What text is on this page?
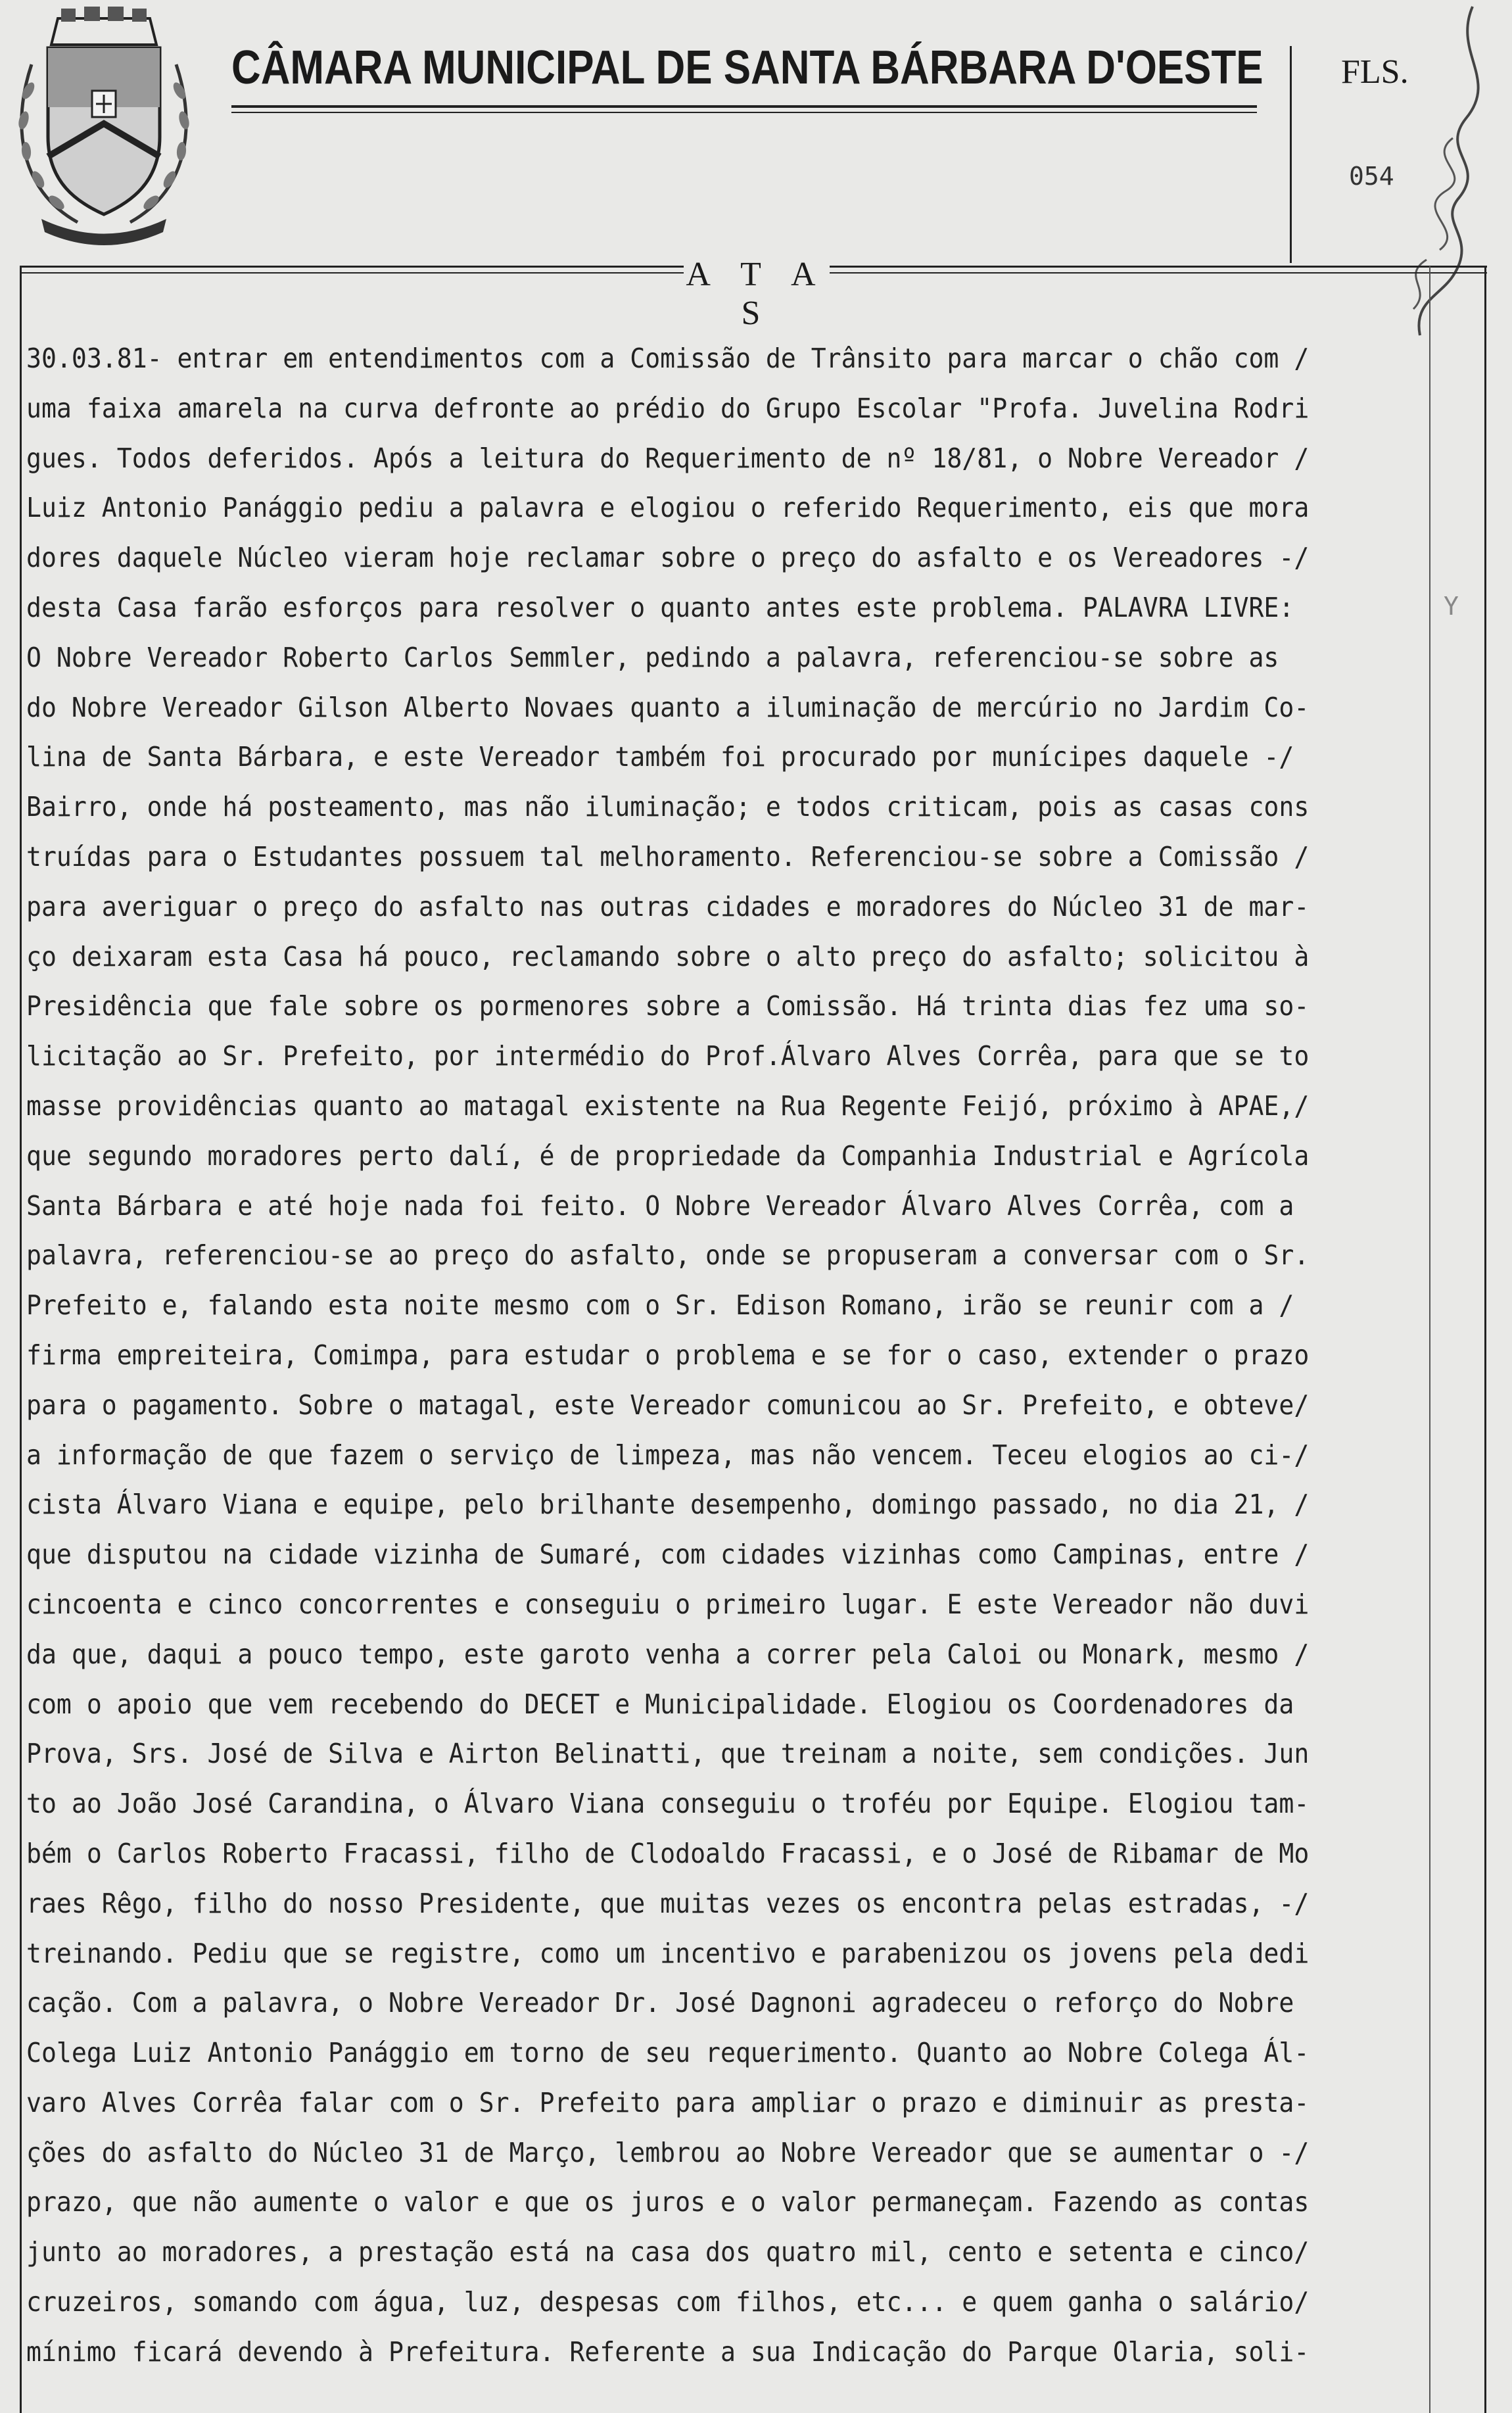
CÂMARA MUNICIPAL DE SANTA BÁRBARA D'OESTE FLS.
054
A T A S
Y
30.03.81- entrar em entendimentos com a Comissão de Trânsito para marcar o chão com /
uma faixa amarela na curva defronte ao prédio do Grupo Escolar "Profa. Juvelina Rodri
gues. Todos deferidos. Após a leitura do Requerimento de nº 18/81, o Nobre Vereador /
Luiz Antonio Panággio pediu a palavra e elogiou o referido Requerimento, eis que mora
dores daquele Núcleo vieram hoje reclamar sobre o preço do asfalto e os Vereadores -/
desta Casa farão esforços para resolver o quanto antes este problema. PALAVRA LIVRE:
O Nobre Vereador Roberto Carlos Semmler, pedindo a palavra, referenciou-se sobre as
do Nobre Vereador Gilson Alberto Novaes quanto a iluminação de mercúrio no Jardim Co-
lina de Santa Bárbara, e este Vereador também foi procurado por munícipes daquele -/
Bairro, onde há posteamento, mas não iluminação; e todos criticam, pois as casas cons
truídas para o Estudantes possuem tal melhoramento. Referenciou-se sobre a Comissão /
para averiguar o preço do asfalto nas outras cidades e moradores do Núcleo 31 de mar-
ço deixaram esta Casa há pouco, reclamando sobre o alto preço do asfalto; solicitou à
Presidência que fale sobre os pormenores sobre a Comissão. Há trinta dias fez uma so-
licitação ao Sr. Prefeito, por intermédio do Prof.Álvaro Alves Corrêa, para que se to
masse providências quanto ao matagal existente na Rua Regente Feijó, próximo à APAE,/
que segundo moradores perto dalí, é de propriedade da Companhia Industrial e Agrícola
Santa Bárbara e até hoje nada foi feito. O Nobre Vereador Álvaro Alves Corrêa, com a
palavra, referenciou-se ao preço do asfalto, onde se propuseram a conversar com o Sr.
Prefeito e, falando esta noite mesmo com o Sr. Edison Romano, irão se reunir com a /
firma empreiteira, Comimpa, para estudar o problema e se for o caso, extender o prazo
para o pagamento. Sobre o matagal, este Vereador comunicou ao Sr. Prefeito, e obteve/
a informação de que fazem o serviço de limpeza, mas não vencem. Teceu elogios ao ci-/
cista Álvaro Viana e equipe, pelo brilhante desempenho, domingo passado, no dia 21, /
que disputou na cidade vizinha de Sumaré, com cidades vizinhas como Campinas, entre /
cincoenta e cinco concorrentes e conseguiu o primeiro lugar. E este Vereador não duvi
da que, daqui a pouco tempo, este garoto venha a correr pela Caloi ou Monark, mesmo /
com o apoio que vem recebendo do DECET e Municipalidade. Elogiou os Coordenadores da
Prova, Srs. José de Silva e Airton Belinatti, que treinam a noite, sem condições. Jun
to ao João José Carandina, o Álvaro Viana conseguiu o troféu por Equipe. Elogiou tam-
bém o Carlos Roberto Fracassi, filho de Clodoaldo Fracassi, e o José de Ribamar de Mo
raes Rêgo, filho do nosso Presidente, que muitas vezes os encontra pelas estradas, -/
treinando. Pediu que se registre, como um incentivo e parabenizou os jovens pela dedi
cação. Com a palavra, o Nobre Vereador Dr. José Dagnoni agradeceu o reforço do Nobre
Colega Luiz Antonio Panággio em torno de seu requerimento. Quanto ao Nobre Colega Ál-
varo Alves Corrêa falar com o Sr. Prefeito para ampliar o prazo e diminuir as presta-
ções do asfalto do Núcleo 31 de Março, lembrou ao Nobre Vereador que se aumentar o -/
prazo, que não aumente o valor e que os juros e o valor permaneçam. Fazendo as contas
junto ao moradores, a prestação está na casa dos quatro mil, cento e setenta e cinco/
cruzeiros, somando com água, luz, despesas com filhos, etc... e quem ganha o salário/
mínimo ficará devendo à Prefeitura. Referente a sua Indicação do Parque Olaria, soli-
